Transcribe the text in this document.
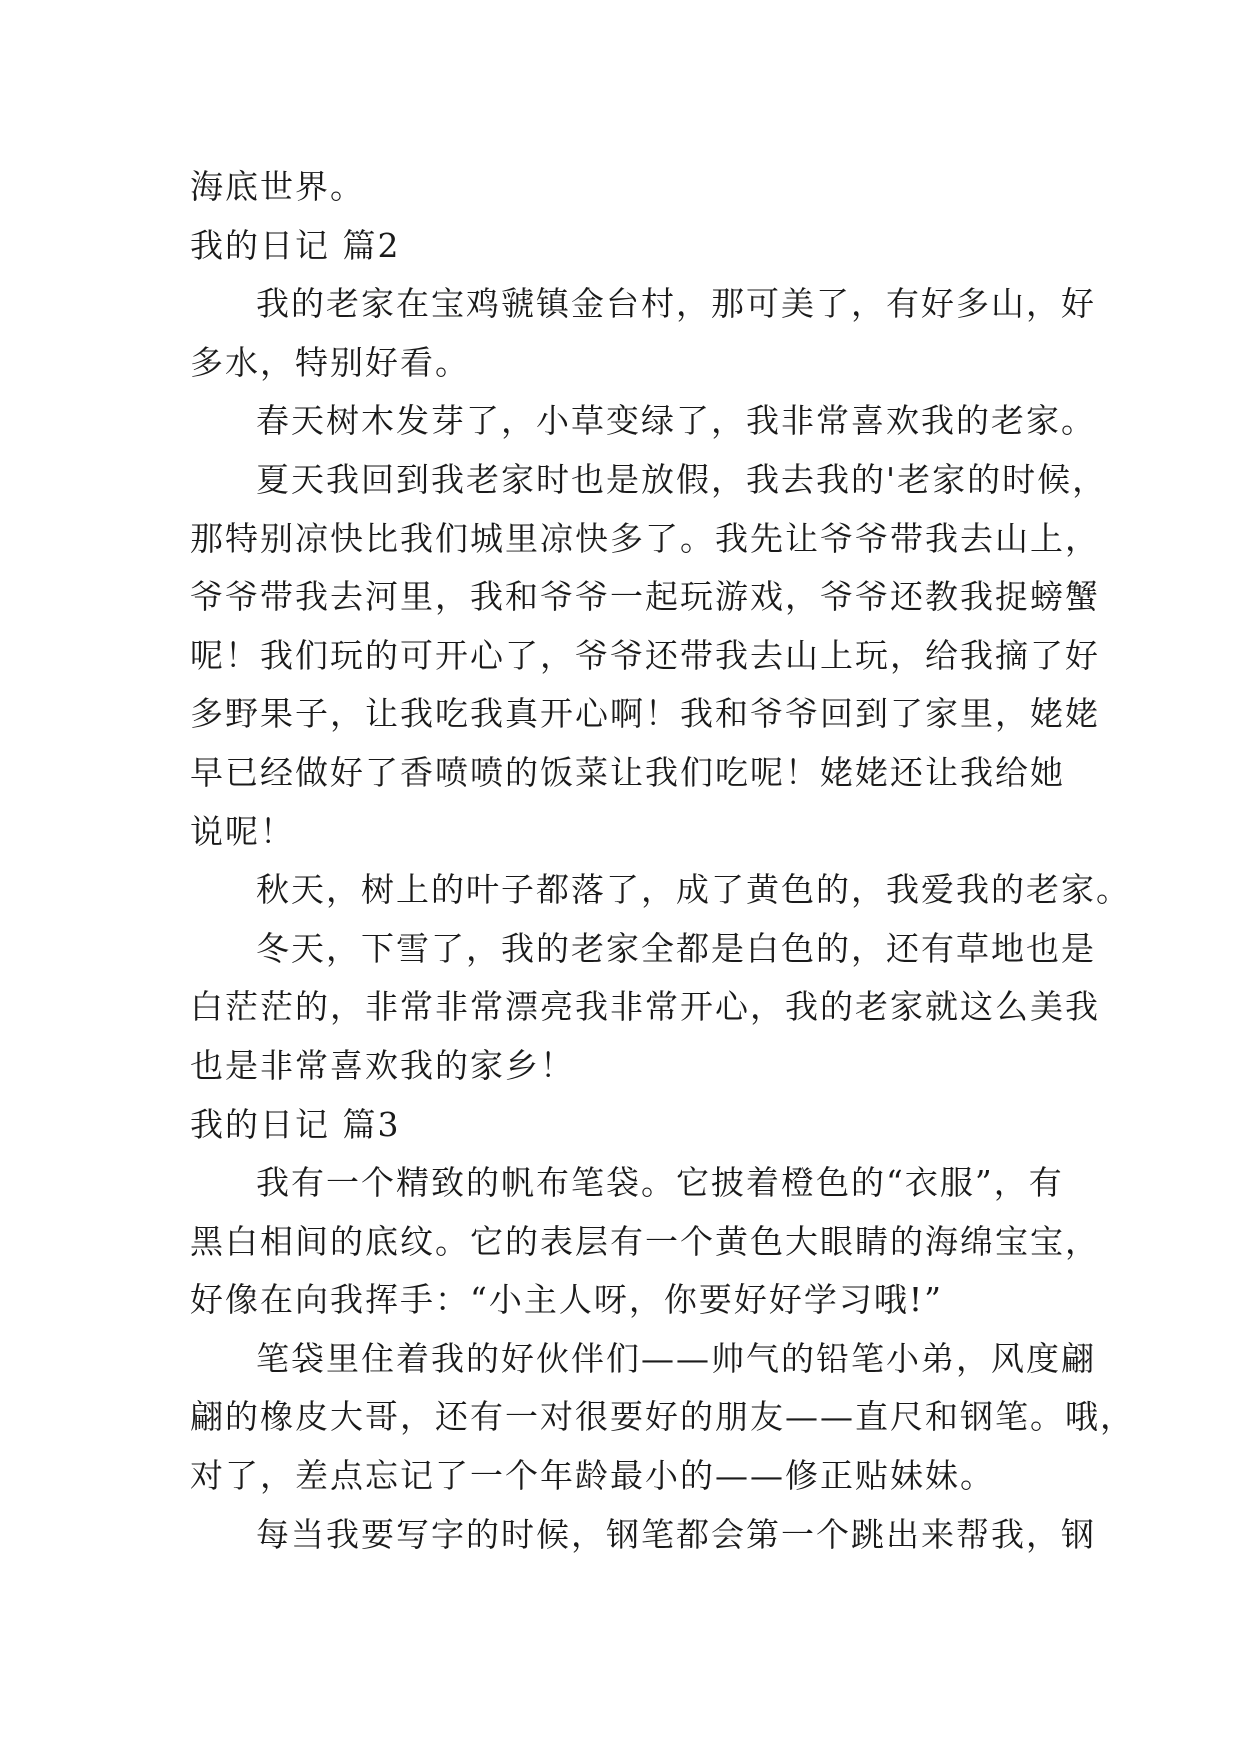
海底世界。

我的日记 篇2

我的老家在宝鸡虢镇金台村，那可美了，有好多山，好

多水，特别好看。

春天树木发芽了，小草变绿了，我非常喜欢我的老家。

夏天我回到我老家时也是放假，我去我的'老家的时候，

那特别凉快比我们城里凉快多了。我先让爷爷带我去山上，

爷爷带我去河里，我和爷爷一起玩游戏，爷爷还教我捉螃蟹

呢！我们玩的可开心了，爷爷还带我去山上玩，给我摘了好

多野果子，让我吃我真开心啊！我和爷爷回到了家里，姥姥

早已经做好了香喷喷的饭菜让我们吃呢！姥姥还让我给她

说呢！

秋天，树上的叶子都落了，成了黄色的，我爱我的老家。

冬天，下雪了，我的老家全都是白色的，还有草地也是

白茫茫的，非常非常漂亮我非常开心，我的老家就这么美我

也是非常喜欢我的家乡！

我的日记 篇3

我有一个精致的帆布笔袋。它披着橙色的“衣服”，有

黑白相间的底纹。它的表层有一个黄色大眼睛的海绵宝宝，

好像在向我挥手：“小主人呀，你要好好学习哦!”

笔袋里住着我的好伙伴们——帅气的铅笔小弟，风度翩

翩的橡皮大哥，还有一对很要好的朋友——直尺和钢笔。哦，

对了，差点忘记了一个年龄最小的——修正贴妹妹。

每当我要写字的时候，钢笔都会第一个跳出来帮我，钢
